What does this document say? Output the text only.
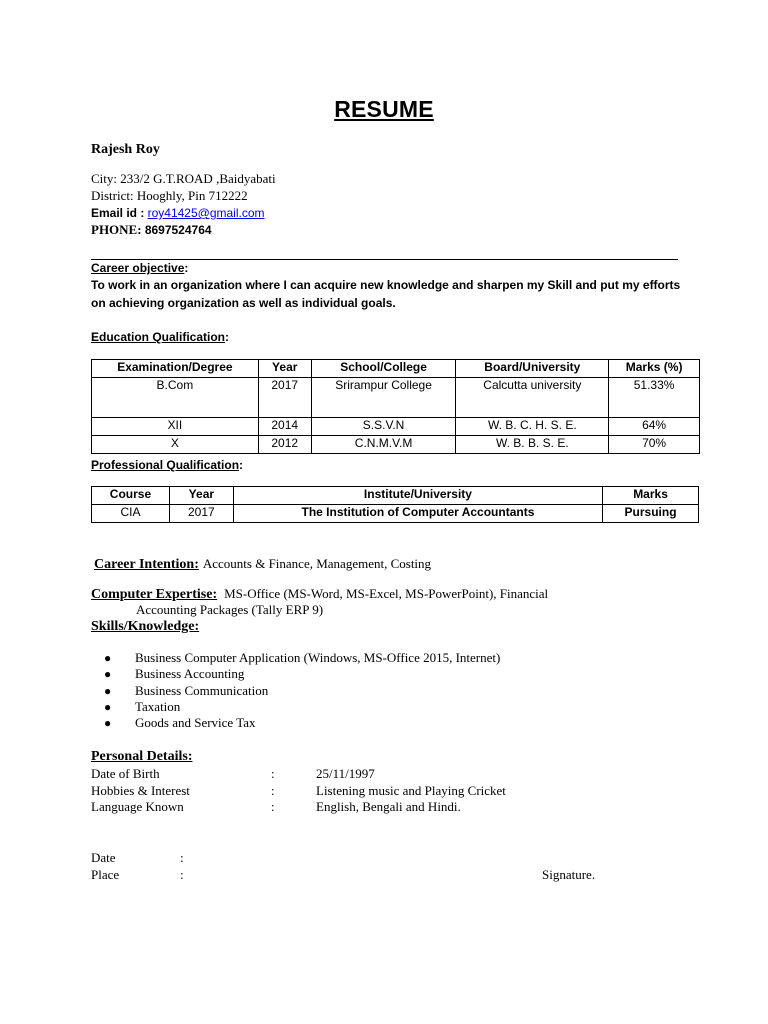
RESUME
Rajesh Roy
City: 233/2 G.T.ROAD ,Baidyabati
District: Hooghly, Pin 712222
Email id : roy41425@gmail.com
PHONE: 8697524764
Career objective:
To work in an organization where I can acquire new knowledge and sharpen my Skill and put my efforts
on achieving organization as well as individual goals.
Education Qualification:
Examination/Degree	Year	School/College	Board/University	Marks (%)
B.Com	2017	Srirampur College	Calcutta university	51.33%
XII	2014	S.S.V.N	W. B. C. H. S. E.	64%
X	2012	C.N.M.V.M	W. B. B. S. E.	70%
Professional Qualification:
Course	Year	Institute/University	Marks
CIA	2017	The Institution of Computer Accountants	Pursuing
Career Intention: Accounts & Finance, Management, Costing
Computer Expertise: MS-Office (MS-Word, MS-Excel, MS-PowerPoint), Financial
Accounting Packages (Tally ERP 9)
Skills/Knowledge:
● Business Computer Application (Windows, MS-Office 2015, Internet)
● Business Accounting
● Business Communication
● Taxation
● Goods and Service Tax
Personal Details:
Date of Birth	:	25/11/1997
Hobbies & Interest	:	Listening music and Playing Cricket
Language Known	:	English, Bengali and Hindi.
Date	:
Place	:	Signature.
